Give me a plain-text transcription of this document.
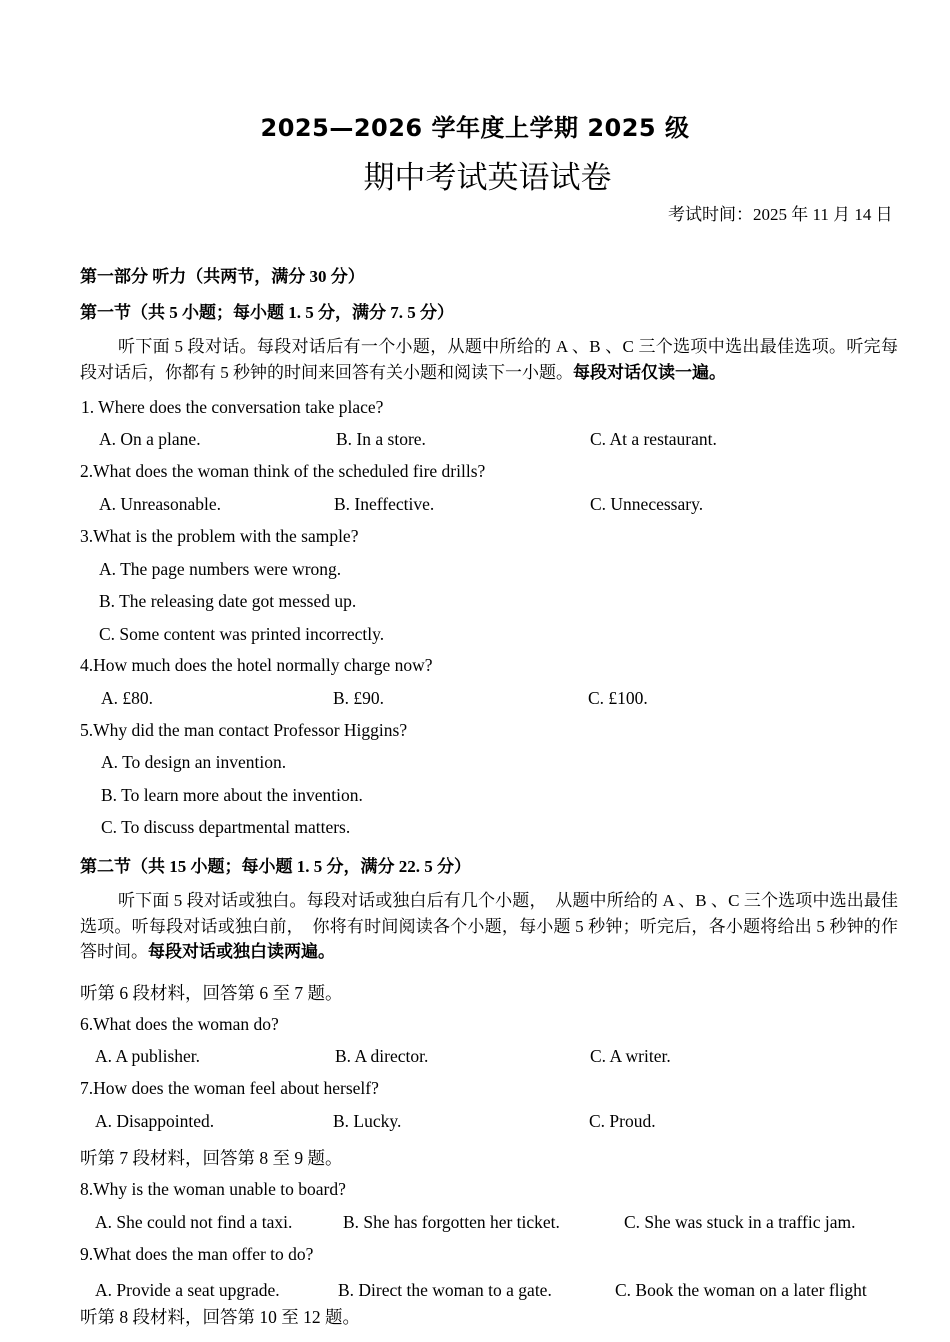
2025—2026 学年度上学期 2025 级
期中考试英语试卷
考试时间：2025 年 11 月 14 日
第一部分 听力（共两节，满分 30 分）
第一节（共 5 小题；每小题 1. 5 分，满分 7. 5 分）
听下面 5 段对话。每段对话后有一个小题，从题中所给的 A 、B 、C 三个选项中选出最佳选项。听完每段对话后，你都有 5 秒钟的时间来回答有关小题和阅读下一小题。每段对话仅读一遍。
1. Where does the conversation take place?
A. On a plane.	B. In a store.	C. At a restaurant.
2.What does the woman think of the scheduled fire drills?
A. Unreasonable.	B. Ineffective.	C. Unnecessary.
3.What is the problem with the sample?
A. The page numbers were wrong.
B. The releasing date got messed up.
C. Some content was printed incorrectly.
4.How much does the hotel normally charge now?
A. £80.	B. £90.	C. £100.
5.Why did the man contact Professor Higgins?
A. To design an invention.
B. To learn more about the invention.
C. To discuss departmental matters.
第二节（共 15 小题；每小题 1. 5 分，满分 22. 5 分）
听下面 5 段对话或独白。每段对话或独白后有几个小题，　从题中所给的 A 、B 、C 三个选项中选出最佳选项。听每段对话或独白前，　你将有时间阅读各个小题，每小题 5 秒钟；听完后，各小题将给出 5 秒钟的作答时间。每段对话或独白读两遍。
听第 6 段材料，回答第 6 至 7 题。
6.What does the woman do?
A. A publisher.	B. A director.	C. A writer.
7.How does the woman feel about herself?
A. Disappointed.	B. Lucky.	C. Proud.
听第 7 段材料，回答第 8 至 9 题。
8.Why is the woman unable to board?
A. She could not find a taxi.	B. She has forgotten her ticket.	C. She was stuck in a traffic jam.
9.What does the man offer to do?
A. Provide a seat upgrade.	B. Direct the woman to a gate.	C. Book the woman on a later flight
听第 8 段材料，回答第 10 至 12 题。
